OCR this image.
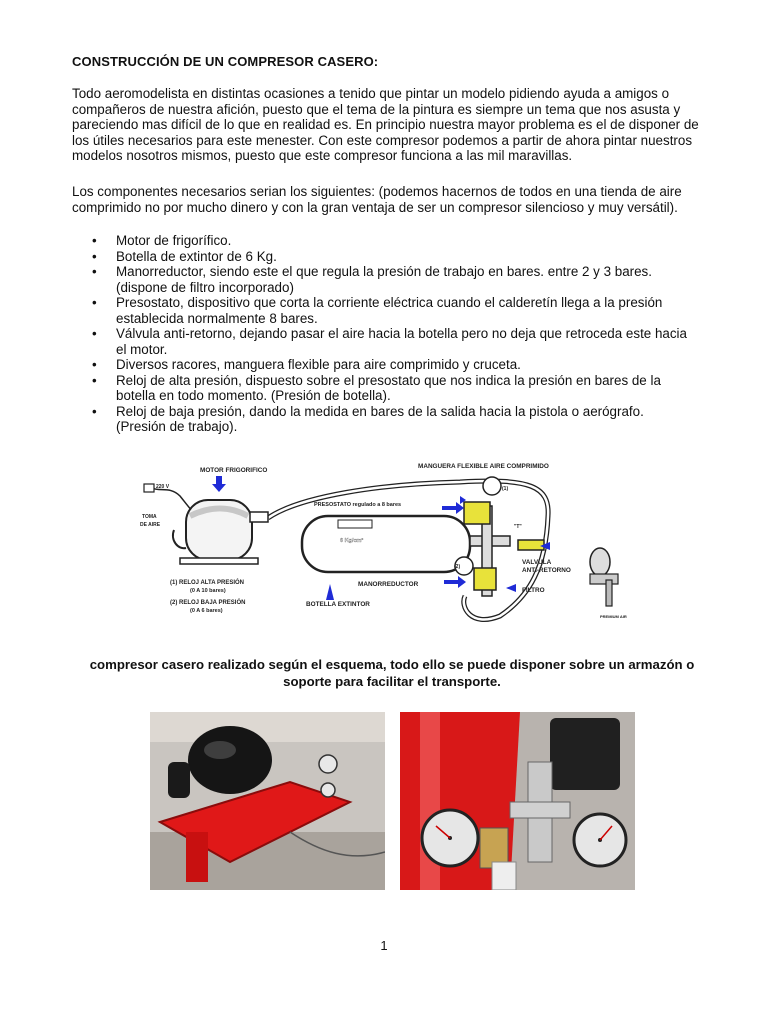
CONSTRUCCIÓN DE UN COMPRESOR CASERO:

Todo aeromodelista en distintas ocasiones a tenido que pintar un modelo pidiendo ayuda a amigos o compañeros de nuestra afición, puesto que el tema de la pintura es siempre un tema que nos asusta y pareciendo mas difícil de lo que en realidad es. En principio nuestra mayor problema es el de disponer de los útiles necesarios para este menester. Con este compresor podemos a partir de ahora pintar nuestros modelos nosotros mismos, puesto que este compresor funciona a las mil maravillas.

Los componentes necesarios serian los siguientes: (podemos hacernos de todos en una tienda de aire comprimido no por mucho dinero y con la gran ventaja de ser un compresor silencioso y muy versátil).

• Motor de frigorífico.
• Botella de extintor de 6 Kg.
• Manorreductor, siendo este el que regula la presión de trabajo en bares. entre 2 y 3 bares. (dispone de filtro incorporado)
• Presostato, dispositivo que corta la corriente eléctrica cuando el calderetín llega a la presión establecida normalmente 8 bares.
• Válvula anti-retorno, dejando pasar el aire hacia la botella pero no deja que retroceda este hacia el motor.
• Diversos racores, manguera flexible para aire comprimido y cruceta.
• Reloj de alta presión, dispuesto sobre el presostato que nos indica la presión en bares de la botella en todo momento. (Presión de botella).
• Reloj de baja presión, dando la medida en bares de la salida hacia la pistola o aerógrafo. (Presión de trabajo).
MOTOR FRIGORIFICO
220 V
TOMA
DE AIRE
MANGUERA FLEXIBLE AIRE COMPRIMIDO
PRESOSTATO regulado a 8 bares
6 Kg/cm²
(1)
"T"
(2)
VALVULA
ANTI-RETORNO
MANORREDUCTOR
FILTRO
BOTELLA EXTINTOR
(1) RELOJ ALTA PRESIÓN
(0 A 10 bares)
(2) RELOJ BAJA PRESIÓN
(0 A 6 bares)
PREMIUM AIR
compresor casero realizado según el esquema, todo ello se puede disponer sobre un armazón o soporte para facilitar el transporte.
1
